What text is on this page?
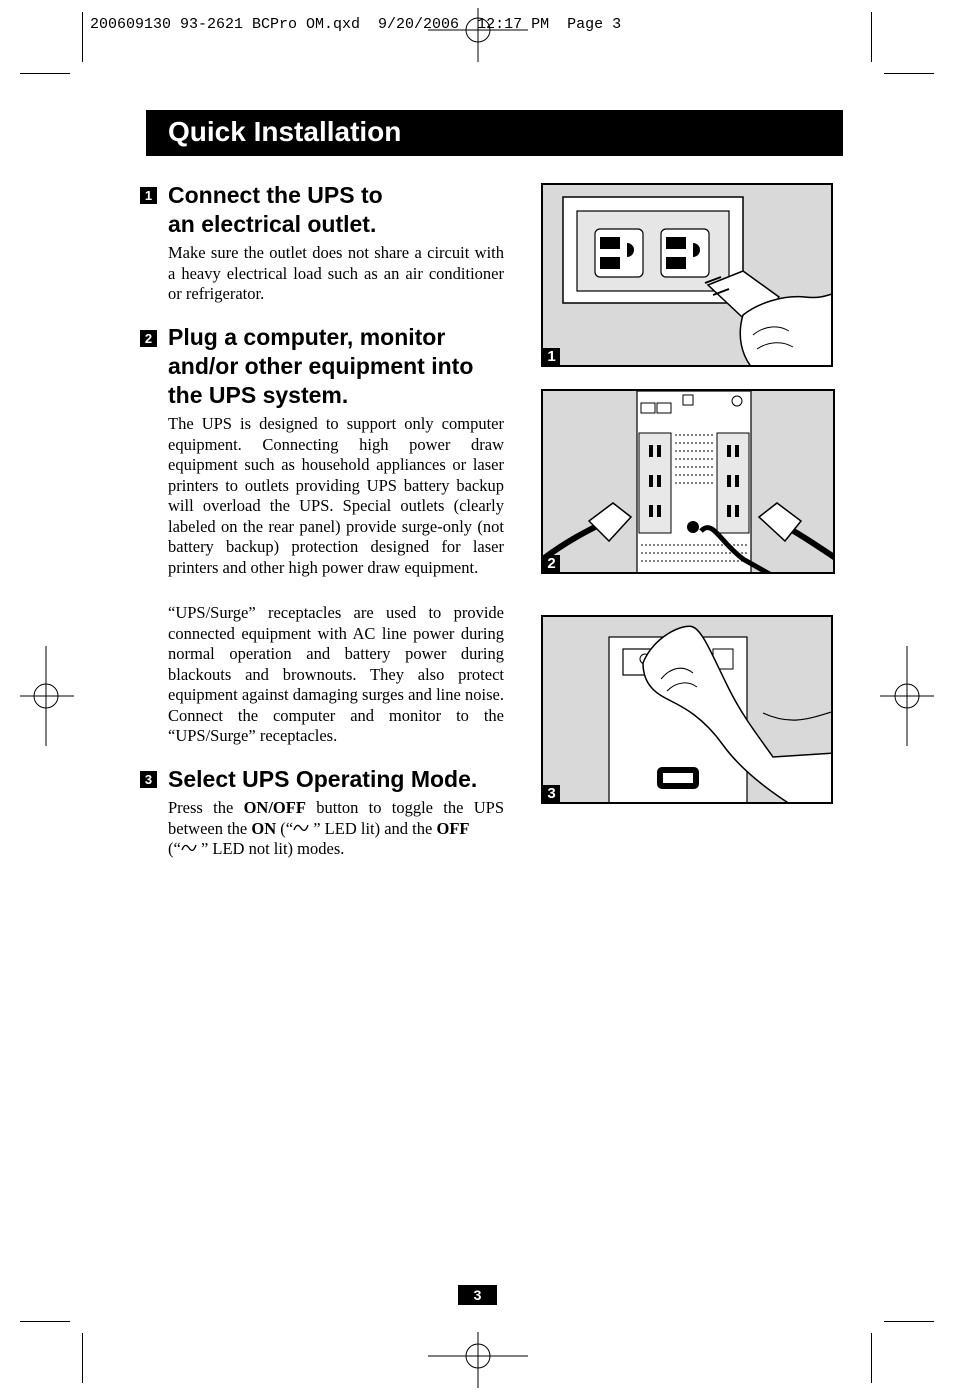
200609130 93-2621 BCPro OM.qxd  9/20/2006  12:17 PM  Page 3
Quick Installation
1 Connect the UPS to
an electrical outlet.

Make sure the outlet does not share a circuit with a heavy electrical load such as an air conditioner or refrigerator.

2 Plug a computer, monitor
and/or other equipment into
the UPS system.

The UPS is designed to support only computer equipment. Connecting high power draw equipment such as household appliances or laser printers to outlets providing UPS battery backup will overload the UPS. Special outlets (clearly labeled on the rear panel) provide surge-only (not battery backup) protection designed for laser printers and other high power draw equipment.

“UPS/Surge” receptacles are used to provide connected equipment with AC line power during normal operation and battery power during blackouts and brownouts. They also protect equipment against damaging surges and line noise. Connect the computer and monitor to the “UPS/Surge” receptacles.

3 Select UPS Operating Mode.

Press the ON/OFF button to toggle the UPS between the ON (“ ” LED lit) and the OFF
(“ ” LED not lit) modes.

1
2
3
3
